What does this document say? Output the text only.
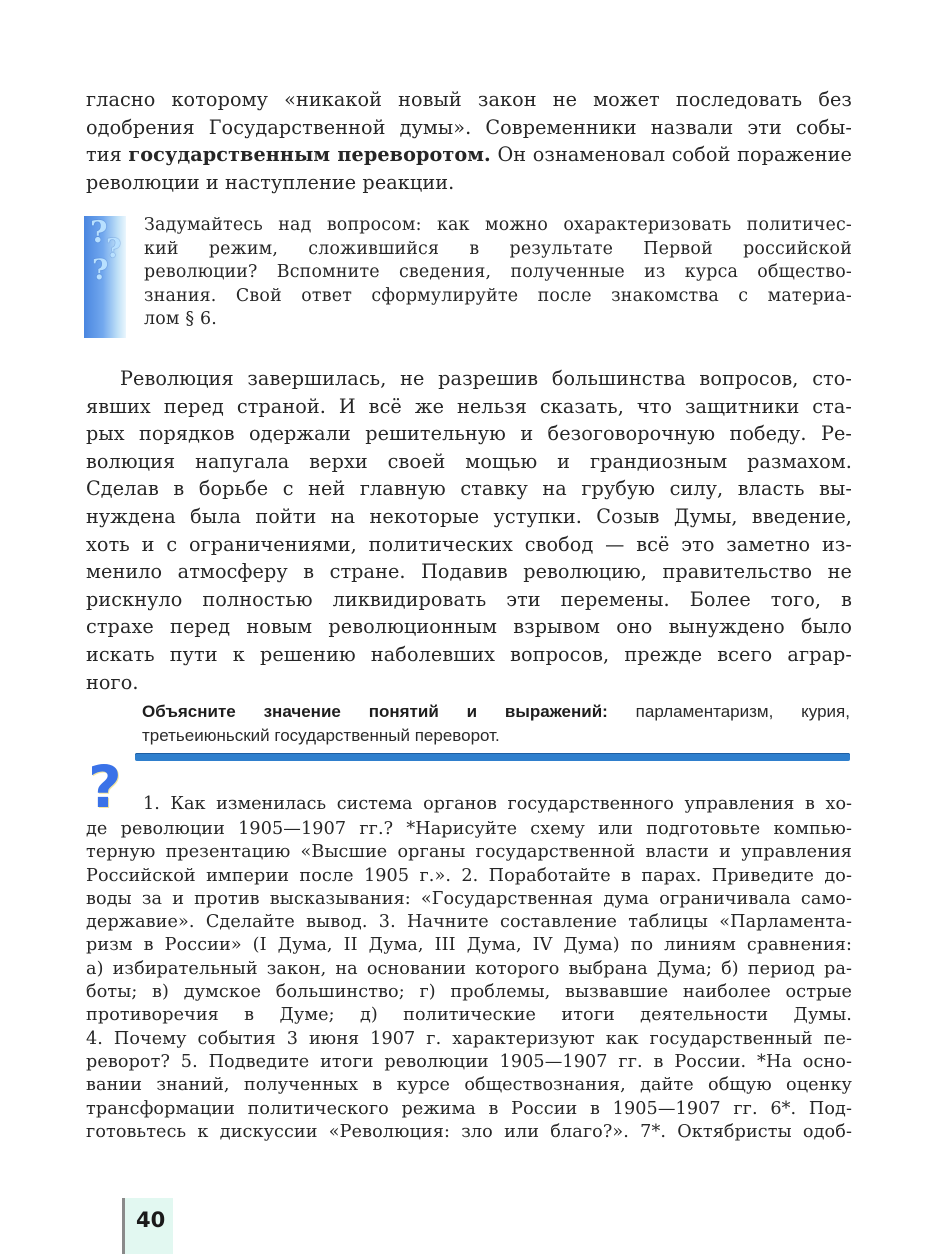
гласно которому «никакой новый закон не может последовать без
одобрения Государственной думы». Современники назвали эти собы-
тия государственным переворотом. Он ознаменовал собой поражение
революции и наступление реакции.
?
?
?
Задумайтесь над вопросом: как можно охарактеризовать политичес-
кий режим, сложившийся в результате Первой российской
революции? Вспомните сведения, полученные из курса общество-
знания. Свой ответ сформулируйте после знакомства с материа-
лом § 6.
Революция завершилась, не разрешив большинства вопросов, сто-
явших перед страной. И всё же нельзя сказать, что защитники ста-
рых порядков одержали решительную и безоговорочную победу. Ре-
волюция напугала верхи своей мощью и грандиозным размахом.
Сделав в борьбе с ней главную ставку на грубую силу, власть вы-
нуждена была пойти на некоторые уступки. Созыв Думы, введение,
хоть и с ограничениями, политических свобод — всё это заметно из-
менило атмосферу в стране. Подавив революцию, правительство не
рискнуло полностью ликвидировать эти перемены. Более того, в
страхе перед новым революционным взрывом оно вынуждено было
искать пути к решению наболевших вопросов, прежде всего аграр-
ного.
Объясните значение понятий и выражений: парламентаризм, курия,
третьеиюньский государственный переворот.
?	1. Как изменилась система органов государственного управления в хо-
де революции 1905—1907 гг.? *Нарисуйте схему или подготовьте компью-
терную презентацию «Высшие органы государственной власти и управления
Российской империи после 1905 г.». 2. Поработайте в парах. Приведите до-
воды за и против высказывания: «Государственная дума ограничивала само-
державие». Сделайте вывод. 3. Начните составление таблицы «Парламента-
ризм в России» (I Дума, II Дума, III Дума, IV Дума) по линиям сравнения:
а) избирательный закон, на основании которого выбрана Дума; б) период ра-
боты; в) думское большинство; г) проблемы, вызвавшие наиболее острые
противоречия в Думе; д) политические итоги деятельности Думы.
4. Почему события 3 июня 1907 г. характеризуют как государственный пе-
реворот? 5. Подведите итоги революции 1905—1907 гг. в России. *На осно-
вании знаний, полученных в курсе обществознания, дайте общую оценку
трансформации политического режима в России в 1905—1907 гг. 6*. Под-
готовьтесь к дискуссии «Революция: зло или благо?». 7*. Октябристы одоб-
40
